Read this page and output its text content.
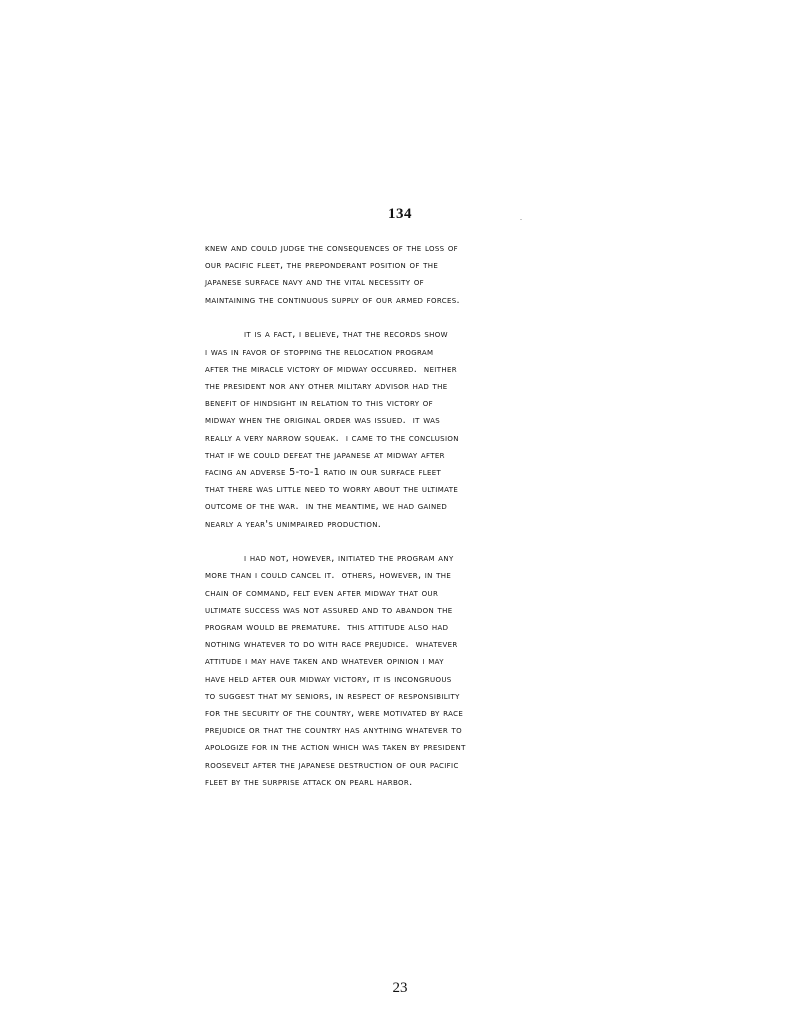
134
knew and could judge the consequences of the loss of
our pacific fleet, the preponderant position of the
japanese surface navy and the vital necessity of
maintaining the continuous supply of our armed forces.
it is a fact, i believe, that the records show
i was in favor of stopping the relocation program
after the miracle victory of midway occurred.  neither
the president nor any other military advisor had the
benefit of hindsight in relation to this victory of
midway when the original order was issued.  it was
really a very narrow squeak.  i came to the conclusion
that if we could defeat the japanese at midway after
facing an adverse 5-to-1 ratio in our surface fleet
that there was little need to worry about the ultimate
outcome of the war.  in the meantime, we had gained
nearly a year's unimpaired production.
i had not, however, initiated the program any
more than i could cancel it.  others, however, in the
chain of command, felt even after midway that our
ultimate success was not assured and to abandon the
program would be premature.  this attitude also had
nothing whatever to do with race prejudice.  whatever
attitude i may have taken and whatever opinion i may
have held after our midway victory, it is incongruous
to suggest that my seniors, in respect of responsibility
for the security of the country, were motivated by race
prejudice or that the country has anything whatever to
apologize for in the action which was taken by president
roosevelt after the japanese destruction of our pacific
fleet by the surprise attack on pearl harbor.
23
